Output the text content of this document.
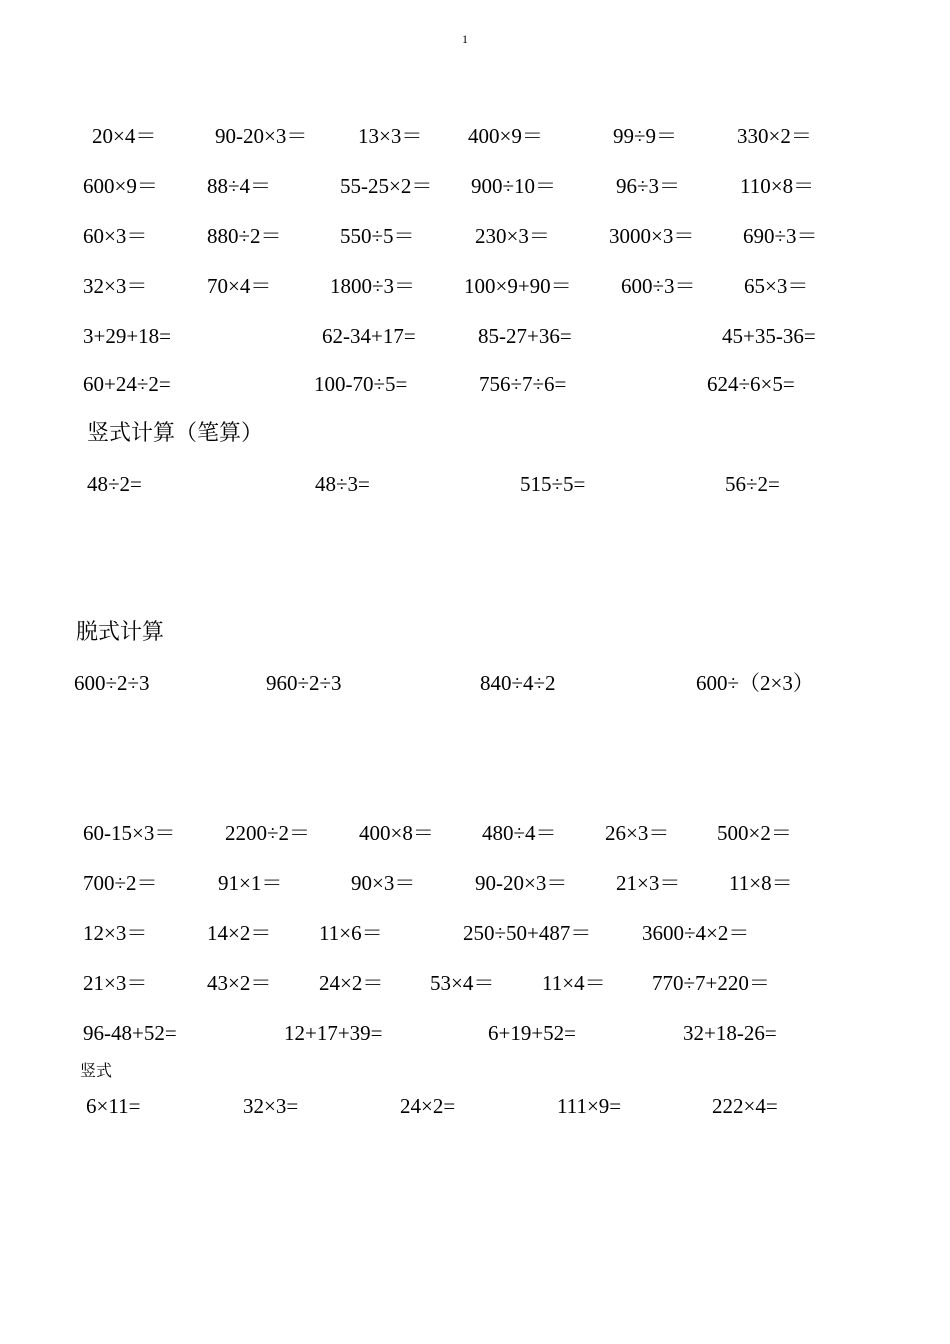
1
20×4＝	90-20×3＝ 13×3＝ 400×9＝	99÷9＝	330×2＝
600×9＝ 88÷4＝	55-25×2＝ 900÷10＝	96÷3＝	110×8＝
60×3＝	880÷2＝	550÷5＝	230×3＝	3000×3＝ 690÷3＝
32×3＝	70×4＝	1800÷3＝ 100×9+90＝ 600÷3＝ 65×3＝
3+29+18=	62-34+17=	85-27+36=	45+35-36=
60+24÷2=	100-70÷5=	756÷7÷6=	624÷6×5=
竖式计算（笔算）
48÷2=	48÷3=	515÷5=	56÷2=
脱式计算
600÷2÷3	960÷2÷3	840÷4÷2	600÷（2×3）
60-15×3＝ 2200÷2＝ 400×8＝ 480÷4＝ 26×3＝ 500×2＝
700÷2＝	91×1＝	90×3＝	90-20×3＝ 21×3＝ 11×8＝
12×3＝	14×2＝ 11×6＝	250÷50+487＝ 3600÷4×2＝
21×3＝	43×2＝ 24×2＝ 53×4＝ 11×4＝ 770÷7+220＝
96-48+52=	12+17+39=	6+19+52=	32+18-26=
竖式
6×11=	32×3=	24×2=	111×9=	222×4=
